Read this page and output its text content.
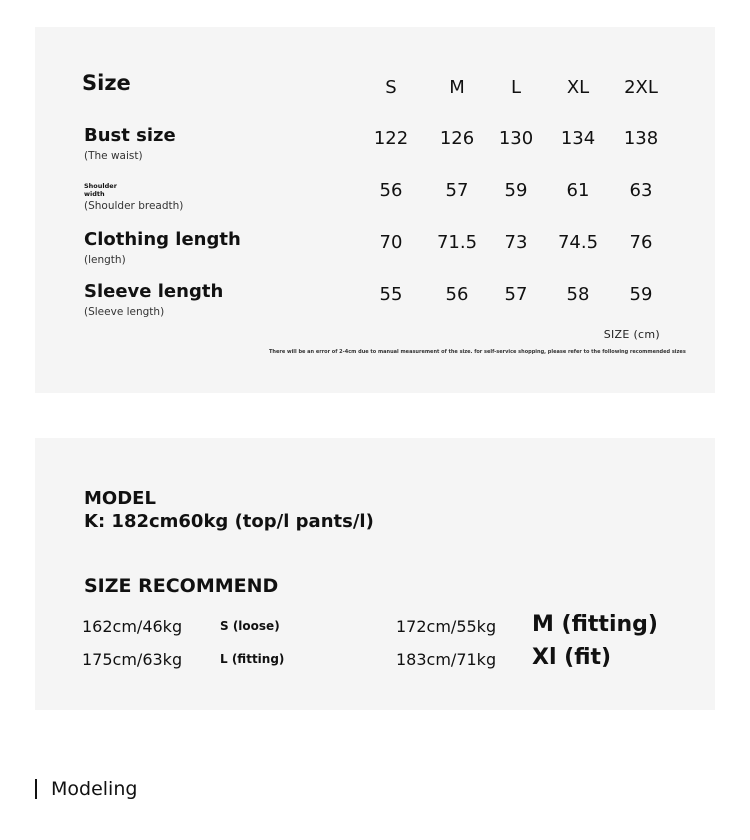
Size	S	M	L	XL 2XL
Bust size
(The waist)
122 126 130 134 138
Shoulder
width
(Shoulder breadth)
56 57 59 61 63
Clothing length
(length)
70 71.5 73 74.5 76
Sleeve length
(Sleeve length)
55 56 57 58 59
SIZE (cm)
There will be an error of 2-4cm due to manual measurement of the size. for self-service shopping, please refer to the following recommended sizes
MODEL
K: 182cm60kg (top/l pants/l)
SIZE RECOMMEND
162cm/46kg	S (loose)	172cm/55kg M (fitting)
175cm/63kg	L (fitting)	183cm/71kg Xl (fit)
Modeling
